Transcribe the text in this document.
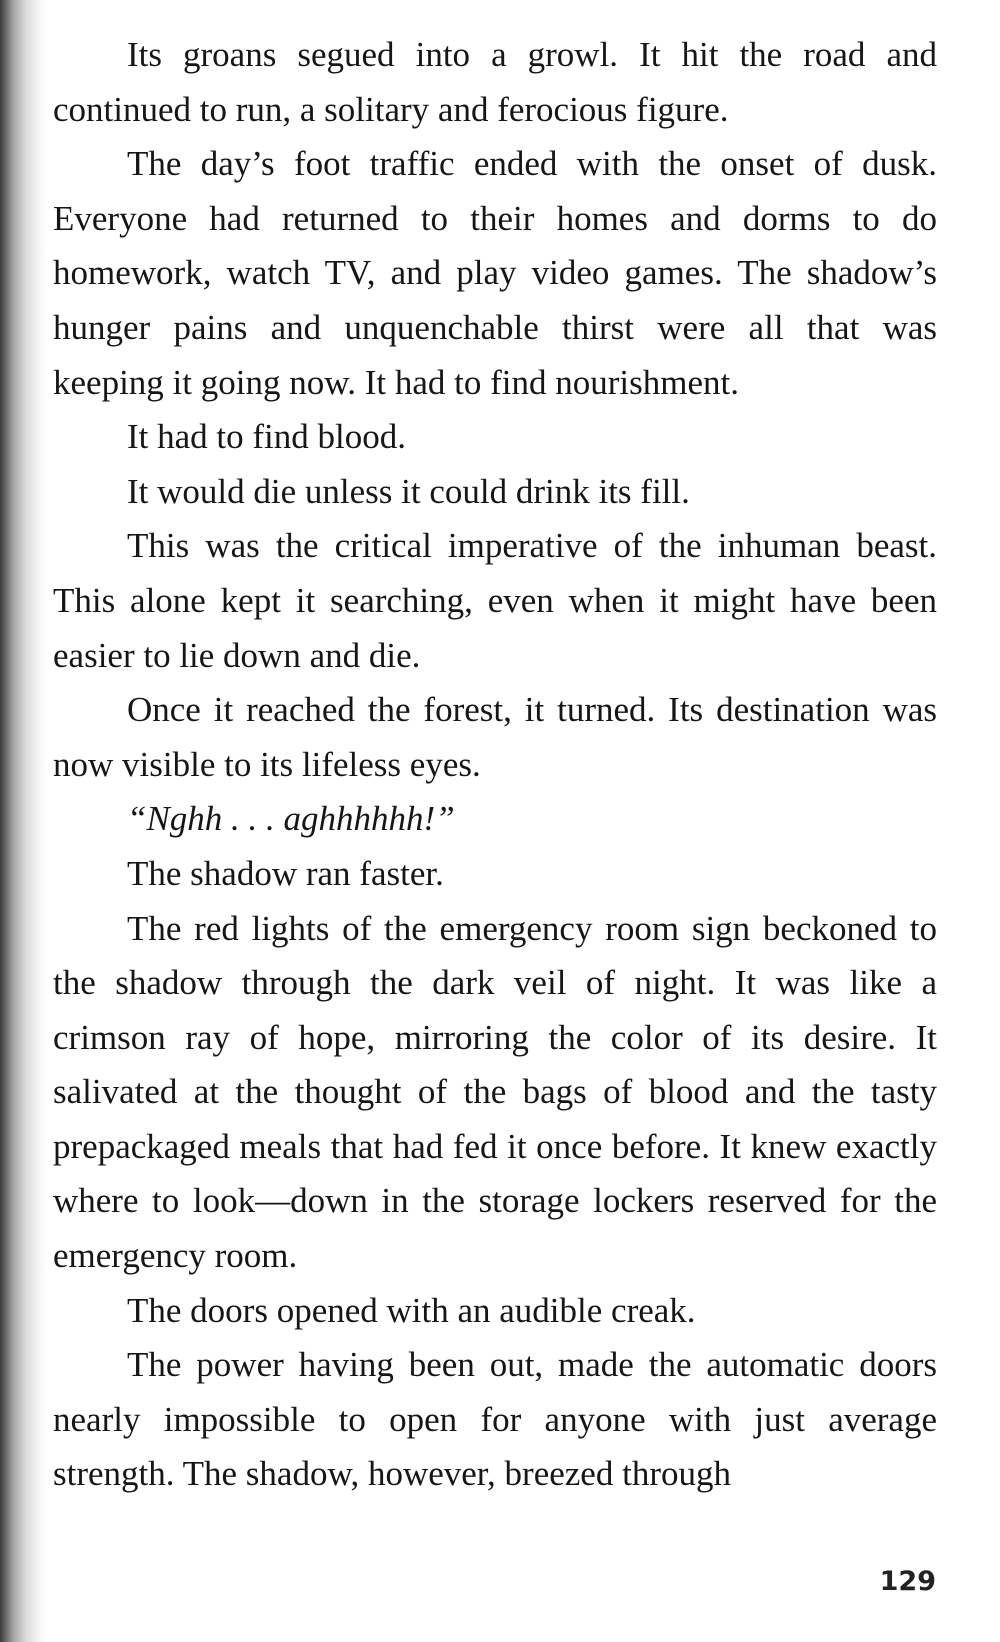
Its groans segued into a growl. It hit the road and continued to run, a solitary and ferocious figure.

The day’s foot traffic ended with the onset of dusk. Everyone had returned to their homes and dorms to do homework, watch TV, and play video games. The shadow’s hunger pains and unquenchable thirst were all that was keeping it going now. It had to find nourishment.

It had to find blood.

It would die unless it could drink its fill.

This was the critical imperative of the inhuman beast. This alone kept it searching, even when it might have been easier to lie down and die.

Once it reached the forest, it turned. Its destination was now visible to its lifeless eyes.

“Nghh . . . aghhhhhh!”

The shadow ran faster.

The red lights of the emergency room sign beckoned to the shadow through the dark veil of night. It was like a crimson ray of hope, mirroring the color of its desire. It salivated at the thought of the bags of blood and the tasty prepackaged meals that had fed it once before. It knew exactly where to look—down in the storage lockers reserved for the emergency room.

The doors opened with an audible creak.

The power having been out, made the automatic doors nearly impossible to open for anyone with just average strength. The shadow, however, breezed through

129
